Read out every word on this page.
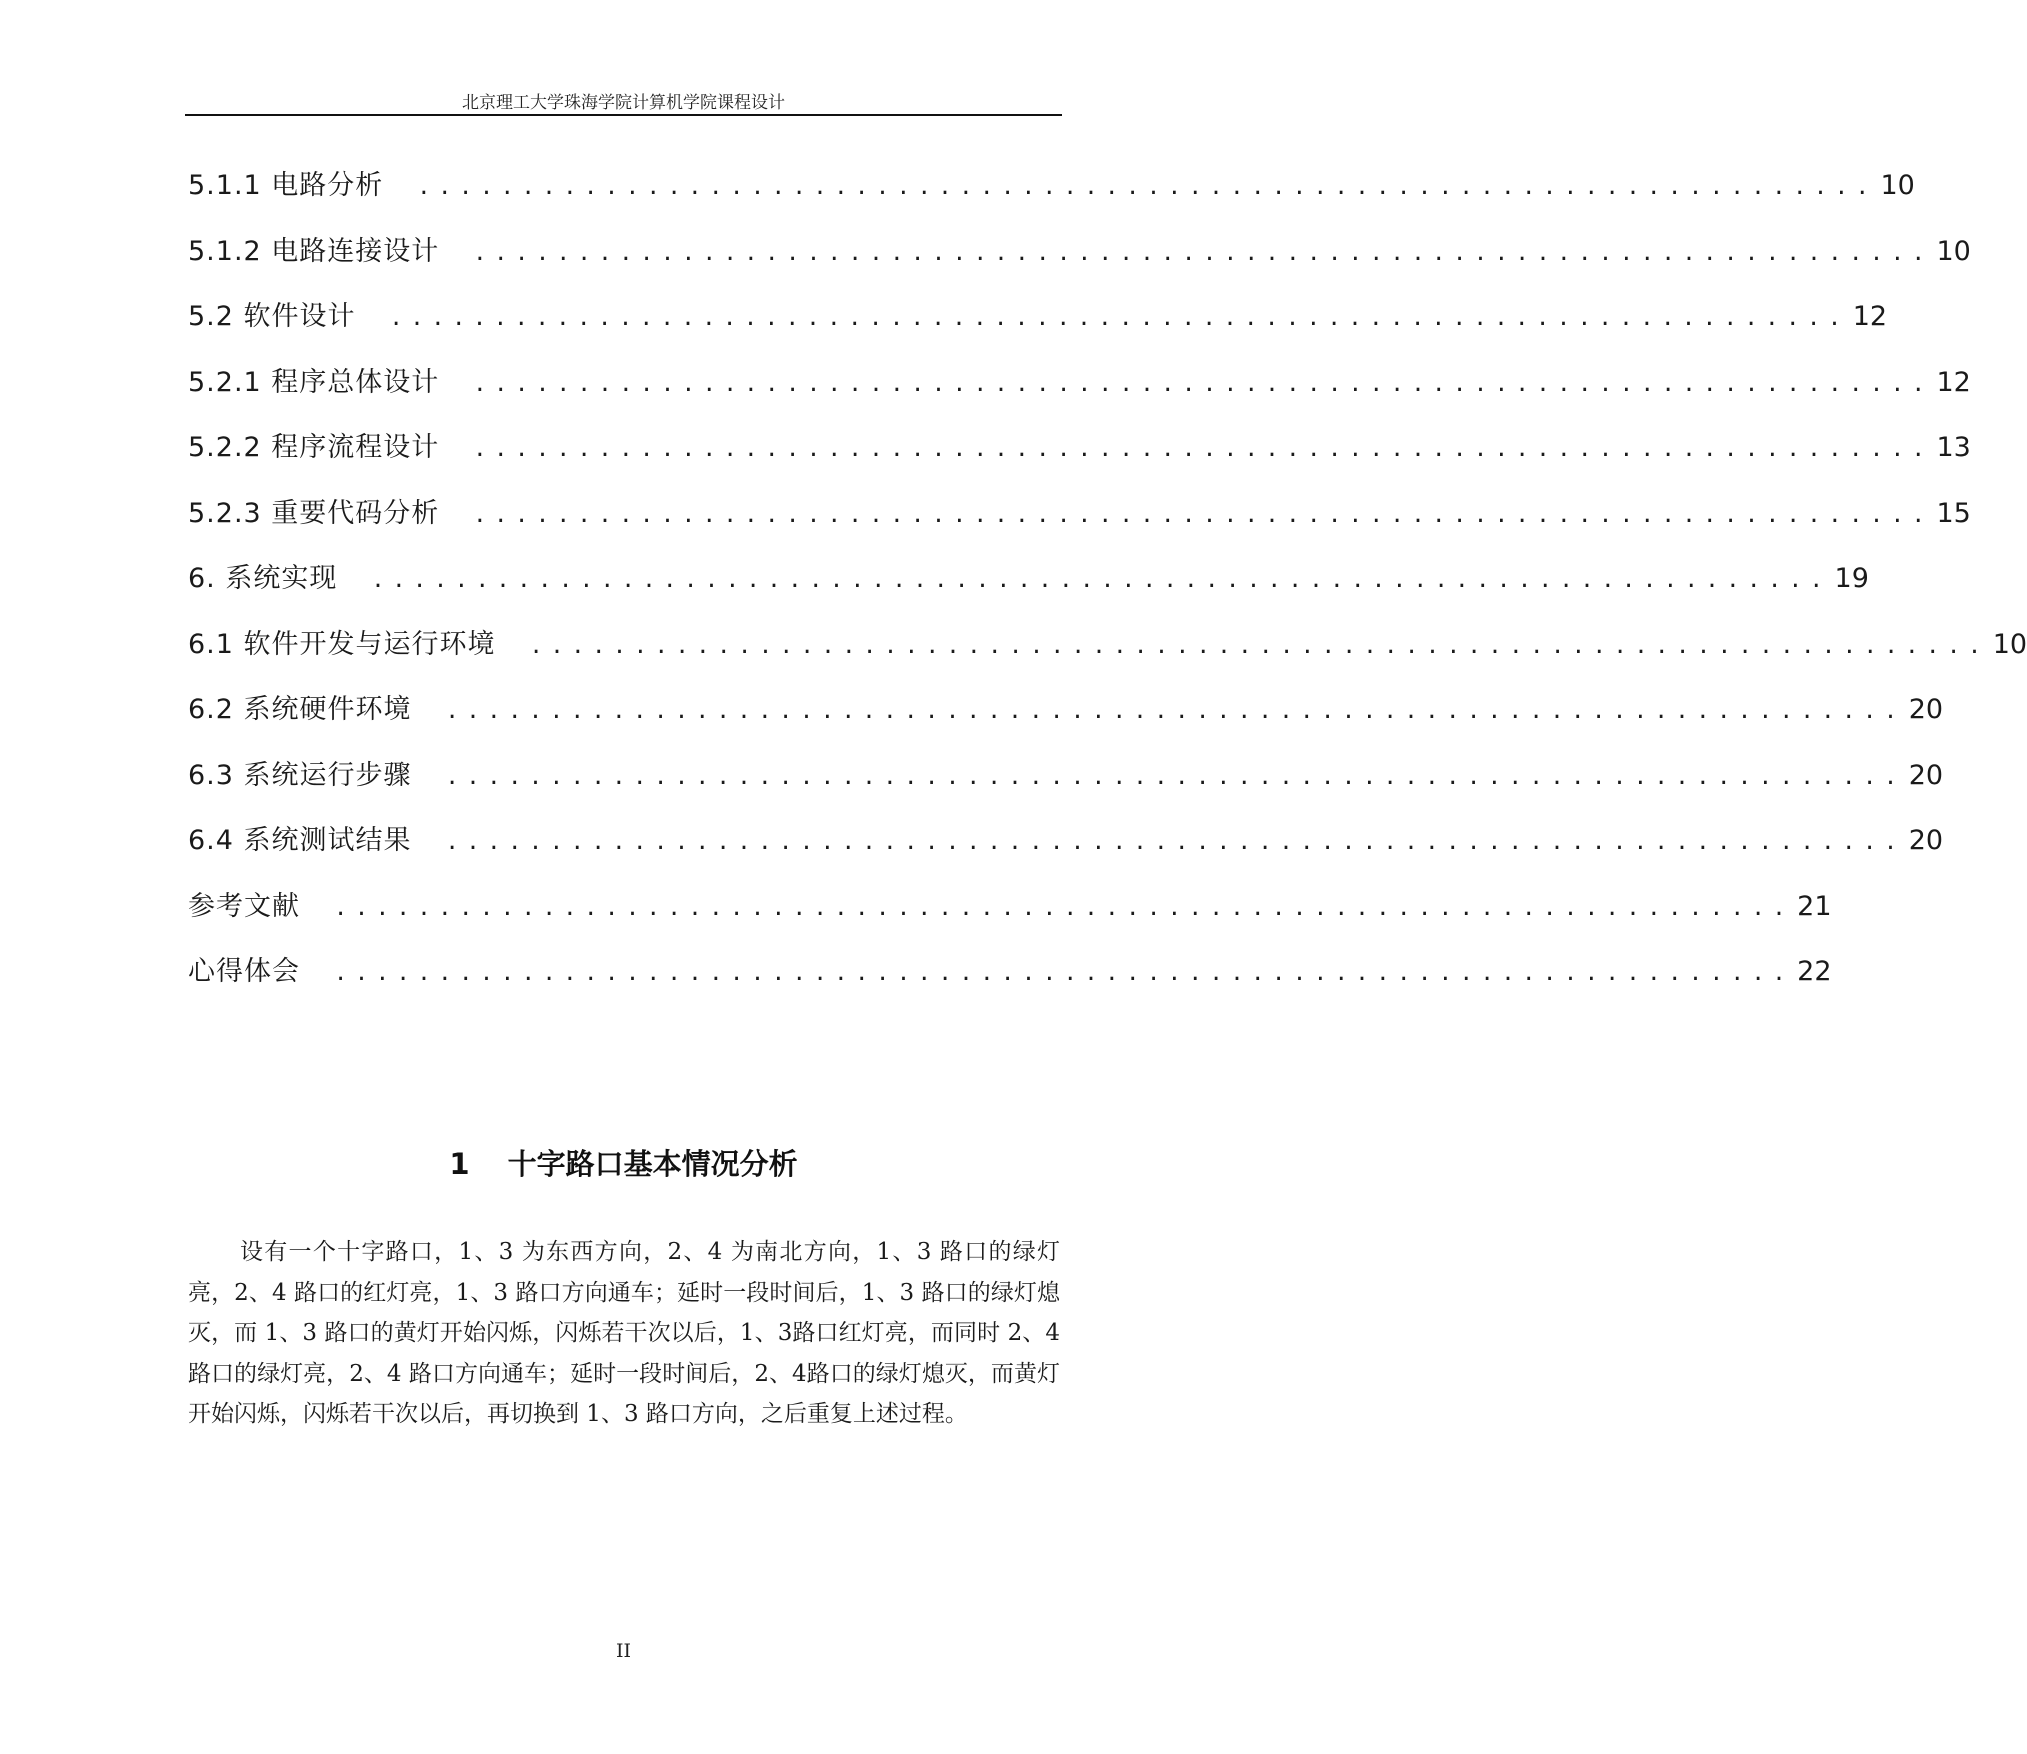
北京理工大学珠海学院计算机学院课程设计
5.1.1 电路分析 ...................................................................... 10
5.1.2 电路连接设计 ...................................................................... 10
5.2 软件设计 ...................................................................... 12
5.2.1 程序总体设计 ...................................................................... 12
5.2.2 程序流程设计 ...................................................................... 13
5.2.3 重要代码分析 ...................................................................... 15
6. 系统实现 ...................................................................... 19
6.1 软件开发与运行环境 ...................................................................... 10
6.2 系统硬件环境 ...................................................................... 20
6.3 系统运行步骤 ...................................................................... 20
6.4 系统测试结果 ...................................................................... 20
参考文献 ...................................................................... 21
心得体会 ...................................................................... 22
1 十字路口基本情况分析
设有一个十字路口，1、3 为东西方向，2、4 为南北方向，1、3 路口的绿灯亮，2、4 路口的红灯亮，1、3 路口方向通车；延时一段时间后，1、3 路口的绿灯熄灭，而 1、3 路口的黄灯开始闪烁，闪烁若干次以后，1、3路口红灯亮，而同时 2、4 路口的绿灯亮，2、4 路口方向通车；延时一段时间后，2、4路口的绿灯熄灭，而黄灯开始闪烁，闪烁若干次以后，再切换到 1、3 路口方向，之后重复上述过程。
II
